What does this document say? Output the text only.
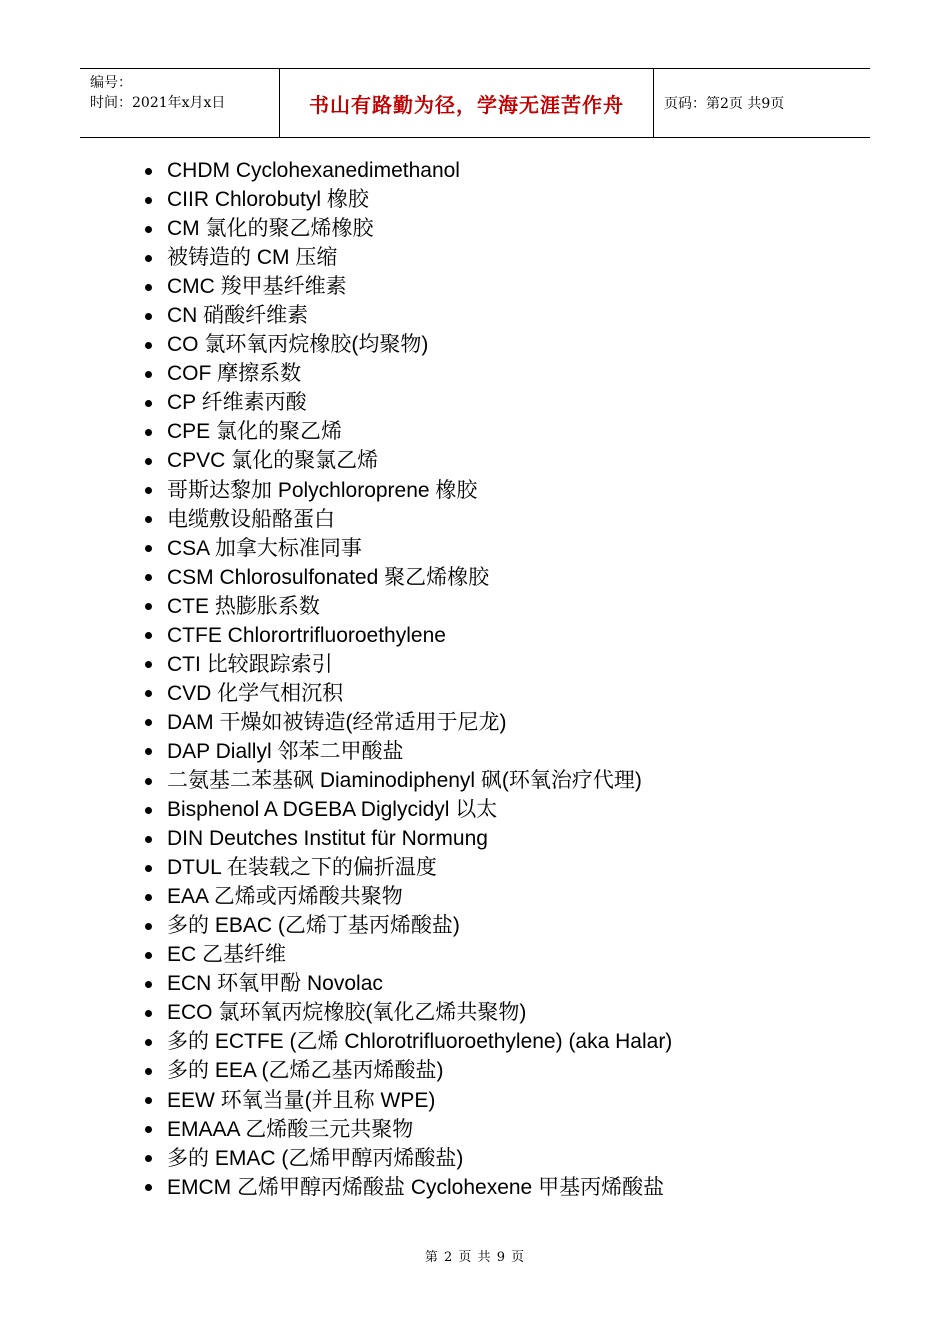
编号：
时间：2021年x月x日	书山有路勤为径，学海无涯苦作舟	页码：第2页 共9页
CHDM Cyclohexanedimethanol
CIIR Chlorobutyl 橡胶
CM 氯化的聚乙烯橡胶
被铸造的 CM 压缩
CMC 羧甲基纤维素
CN 硝酸纤维素
CO 氯环氧丙烷橡胶(均聚物)
COF 摩擦系数
CP 纤维素丙酸
CPE 氯化的聚乙烯
CPVC 氯化的聚氯乙烯
哥斯达黎加 Polychloroprene 橡胶
电缆敷设船酪蛋白
CSA 加拿大标准同事
CSM Chlorosulfonated 聚乙烯橡胶
CTE 热膨胀系数
CTFE Chlorortrifluoroethylene
CTI 比较跟踪索引
CVD 化学气相沉积
DAM 干燥如被铸造(经常适用于尼龙)
DAP Diallyl 邻苯二甲酸盐
二氨基二苯基砜 Diaminodiphenyl 砜(环氧治疗代理)
Bisphenol A DGEBA Diglycidyl 以太
DIN Deutches Institut für Normung
DTUL 在装载之下的偏折温度
EAA 乙烯或丙烯酸共聚物
多的 EBAC (乙烯丁基丙烯酸盐)
EC 乙基纤维
ECN 环氧甲酚 Novolac
ECO 氯环氧丙烷橡胶(氧化乙烯共聚物)
多的 ECTFE (乙烯 Chlorotrifluoroethylene) (aka Halar)
多的 EEA (乙烯乙基丙烯酸盐)
EEW 环氧当量(并且称 WPE)
EMAAA 乙烯酸三元共聚物
多的 EMAC (乙烯甲醇丙烯酸盐)
EMCM 乙烯甲醇丙烯酸盐 Cyclohexene 甲基丙烯酸盐
第 2 页 共 9 页
